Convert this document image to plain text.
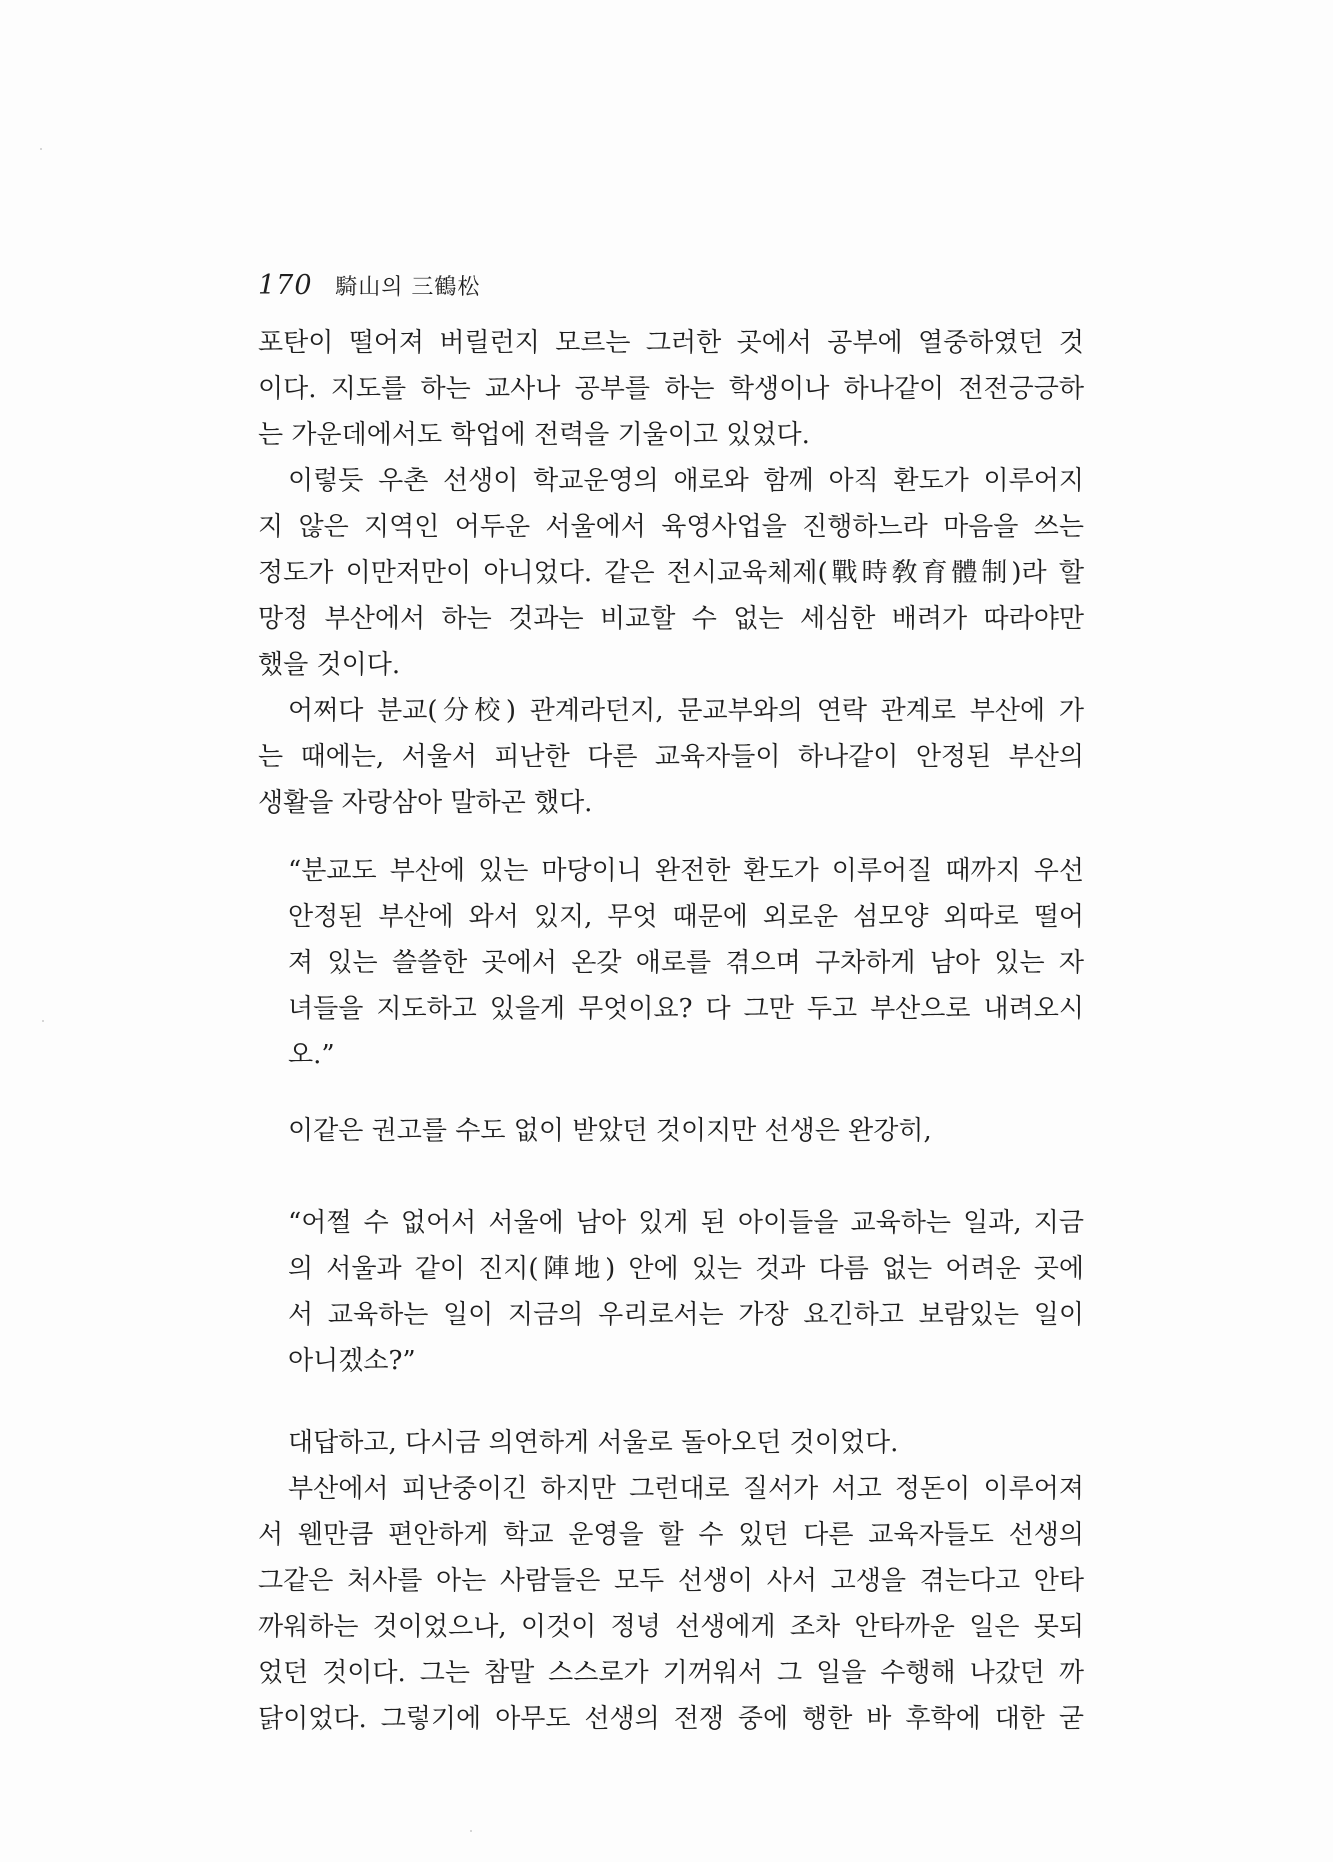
170 騎山의 三鶴松
포탄이 떨어져 버릴런지 모르는 그러한 곳에서 공부에 열중하였던 것
이다. 지도를 하는 교사나 공부를 하는 학생이나 하나같이 전전긍긍하
는 가운데에서도 학업에 전력을 기울이고 있었다.
이렇듯 우촌 선생이 학교운영의 애로와 함께 아직 환도가 이루어지
지 않은 지역인 어두운 서울에서 육영사업을 진행하느라 마음을 쓰는
정도가 이만저만이 아니었다. 같은 전시교육체제(戰時敎育體制)라 할
망정 부산에서 하는 것과는 비교할 수 없는 세심한 배려가 따라야만
했을 것이다.
어쩌다 분교(分校) 관계라던지, 문교부와의 연락 관계로 부산에 가
는 때에는, 서울서 피난한 다른 교육자들이 하나같이 안정된 부산의
생활을 자랑삼아 말하곤 했다.
“분교도 부산에 있는 마당이니 완전한 환도가 이루어질 때까지 우선
안정된 부산에 와서 있지, 무엇 때문에 외로운 섬모양 외따로 떨어
져 있는 쓸쓸한 곳에서 온갖 애로를 겪으며 구차하게 남아 있는 자
녀들을 지도하고 있을게 무엇이요? 다 그만 두고 부산으로 내려오시
오.”
이같은 권고를 수도 없이 받았던 것이지만 선생은 완강히,
“어쩔 수 없어서 서울에 남아 있게 된 아이들을 교육하는 일과, 지금
의 서울과 같이 진지(陣地) 안에 있는 것과 다름 없는 어려운 곳에
서 교육하는 일이 지금의 우리로서는 가장 요긴하고 보람있는 일이
아니겠소?”
대답하고, 다시금 의연하게 서울로 돌아오던 것이었다.
부산에서 피난중이긴 하지만 그런대로 질서가 서고 정돈이 이루어져
서 웬만큼 편안하게 학교 운영을 할 수 있던 다른 교육자들도 선생의
그같은 처사를 아는 사람들은 모두 선생이 사서 고생을 겪는다고 안타
까워하는 것이었으나, 이것이 정녕 선생에게 조차 안타까운 일은 못되
었던 것이다. 그는 참말 스스로가 기꺼워서 그 일을 수행해 나갔던 까
닭이었다. 그렇기에 아무도 선생의 전쟁 중에 행한 바 후학에 대한 굳
